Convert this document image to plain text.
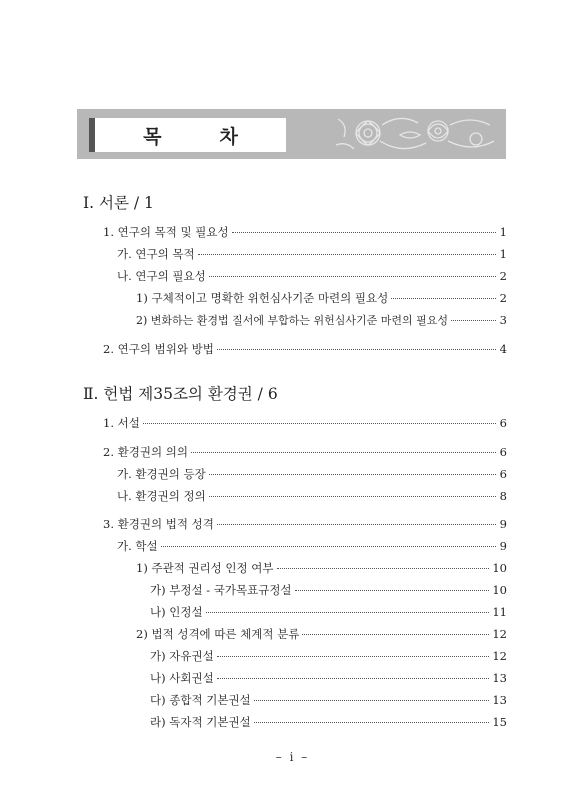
목	차
Ⅰ. 서론 / 1
1. 연구의 목적 및 필요성	1
가. 연구의 목적	1
나. 연구의 필요성	2
1) 구체적이고 명확한 위헌심사기준 마련의 필요성	2
2) 변화하는 환경법 질서에 부합하는 위헌심사기준 마련의 필요성	3
2. 연구의 범위와 방법	4
Ⅱ. 헌법 제35조의 환경권 / 6
1. 서설	6
2. 환경권의 의의	6
가. 환경권의 등장	6
나. 환경권의 정의	8
3. 환경권의 법적 성격	9
가. 학설	9
1) 주관적 권리성 인정 여부	10
가) 부정설 - 국가목표규정설	10
나) 인정설	11
2) 법적 성격에 따른 체계적 분류	12
가) 자유권설	12
나) 사회권설	13
다) 종합적 기본권설	13
라) 독자적 기본권설	15
– i –
